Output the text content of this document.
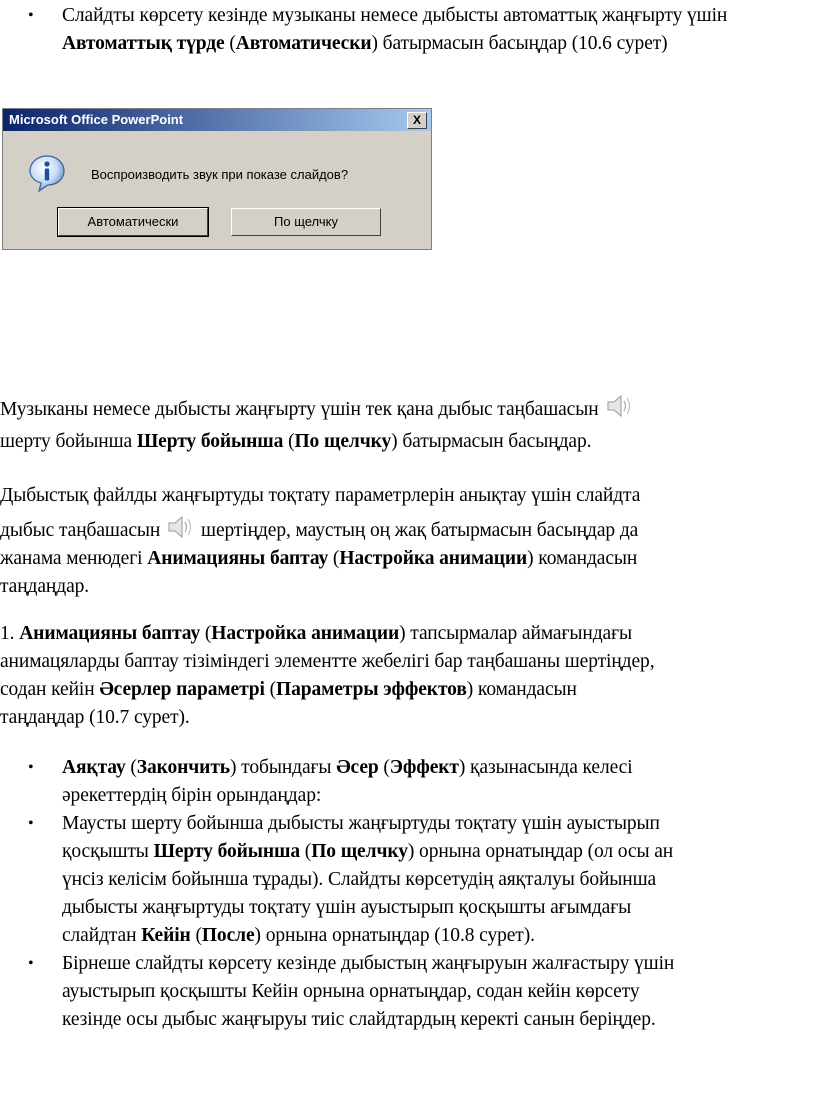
• Слайдты көрсету кезінде музыканы немесе дыбысты автоматтық жаңғырту үшін Автоматтық түрде (Автоматически) батырмасын басыңдар (10.6 сурет)
Microsoft Office PowerPoint	X
Воспроизводить звук при показе слайдов?
Автоматически	По щелчку
Музыканы немесе дыбысты жаңғырту үшін тек қана дыбыс таңбашасын
шерту бойынша Шерту бойынша (По щелчку) батырмасын басыңдар.
Дыбыстық файлды жаңғыртуды тоқтату параметрлерін анықтау үшін слайдта
дыбыс таңбашасын шертіңдер, маустың оң жақ батырмасын басыңдар да
жанама менюдегі Анимацияны баптау (Настройка анимации) командасын
таңдаңдар.
1. Анимацияны баптау (Настройка анимации) тапсырмалар аймағындағы
анимацяларды баптау тізіміндегі элементте жебелігі бар таңбашаны шертіңдер,
содан кейін Әсерлер параметрі (Параметры эффектов) командасын
таңдаңдар (10.7 сурет).
• Аяқтау (Закончить) тобындағы Әсер (Эффект) қазынасында келесі
әрекеттердің бірін орындаңдар:
• Маусты шерту бойынша дыбысты жаңғыртуды тоқтату үшін ауыстырып
қосқышты Шерту бойынша (По щелчку) орнына орнатыңдар (ол осы ан
үнсіз келісім бойынша тұрады). Слайдты көрсетудің аяқталуы бойынша
дыбысты жаңғыртуды тоқтату үшін ауыстырып қосқышты ағымдағы
слайдтан Кейін (После) орнына орнатыңдар (10.8 сурет).
• Бірнеше слайдты көрсету кезінде дыбыстың жаңғыруын жалғастыру үшін
ауыстырып қосқышты Кейін орнына орнатыңдар, содан кейін көрсету
кезінде осы дыбыс жаңғыруы тиіс слайдтардың керекті санын беріңдер.
